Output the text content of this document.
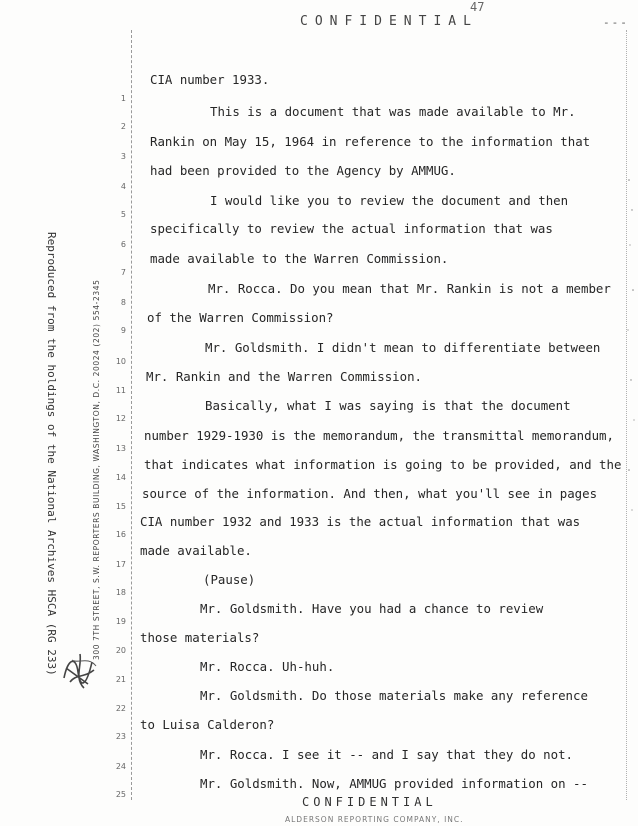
47
CONFIDENTIAL	---
Reproduced from the holdings of the National Archives HSCA (RG 233)	300 7TH STREET, S.W. REPORTERS BUILDING, WASHINGTON, D.C. 20024 (202) 554-2345
1
2
3
4
5
6
7
8
9
10
11
12
13
14
15
16
17
18
19
20
21
22
23
24
25
CIA number 1933.
This is a document that was made available to Mr.
Rankin on May 15, 1964 in reference to the information that
had been provided to the Agency by AMMUG.
I would like you to review the document and then
specifically to review the actual information that was
made available to the Warren Commission.
Mr. Rocca. Do you mean that Mr. Rankin is not a member
of the Warren Commission?
Mr. Goldsmith. I didn't mean to differentiate between
Mr. Rankin and the Warren Commission.
Basically, what I was saying is that the document
number 1929-1930 is the memorandum, the transmittal memorandum,
that indicates what information is going to be provided, and the
source of the information. And then, what you'll see in pages
CIA number 1932 and 1933 is the actual information that was
made available.
(Pause)
Mr. Goldsmith. Have you had a chance to review
those materials?
Mr. Rocca. Uh-huh.
Mr. Goldsmith. Do those materials make any reference
to Luisa Calderon?
Mr. Rocca. I see it -- and I say that they do not.
Mr. Goldsmith. Now, AMMUG provided information on --
CONFIDENTIAL
ALDERSON REPORTING COMPANY, INC.
